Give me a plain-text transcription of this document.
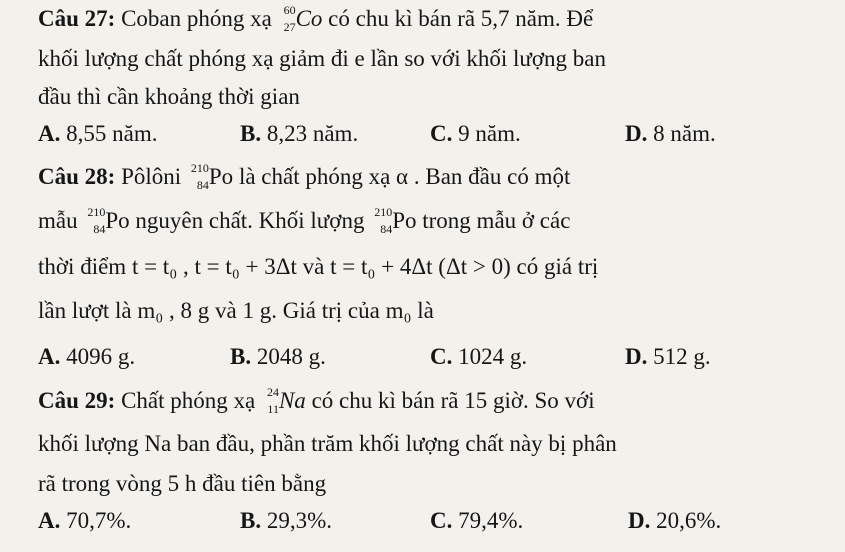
Câu 27: Coban phóng xạ 60
27 Co có chu kì bán rã 5,7 năm. Để
khối lượng chất phóng xạ giảm đi e lần so với khối lượng ban
đầu thì cần khoảng thời gian
A. 8,55 năm.	B. 8,23 năm.	C. 9 năm.	D. 8 năm.
Câu 28: Pôlôni 210
84 Po là chất phóng xạ α . Ban đầu có một
mẫu 210
84 Po nguyên chất. Khối lượng 210
84 Po trong mẫu ở các
thời điểm t = t₀ , t = t₀ + 3Δt và t = t₀ + 4Δt (Δt > 0) có giá trị
lần lượt là m₀ , 8 g và 1 g. Giá trị của m₀ là
A. 4096 g.	B. 2048 g.	C. 1024 g.	D. 512 g.
Câu 29: Chất phóng xạ 24
11 Na có chu kì bán rã 15 giờ. So với
khối lượng Na ban đầu, phần trăm khối lượng chất này bị phân
rã trong vòng 5 h đầu tiên bằng
A. 70,7%.	B. 29,3%.	C. 79,4%.	D. 20,6%.
